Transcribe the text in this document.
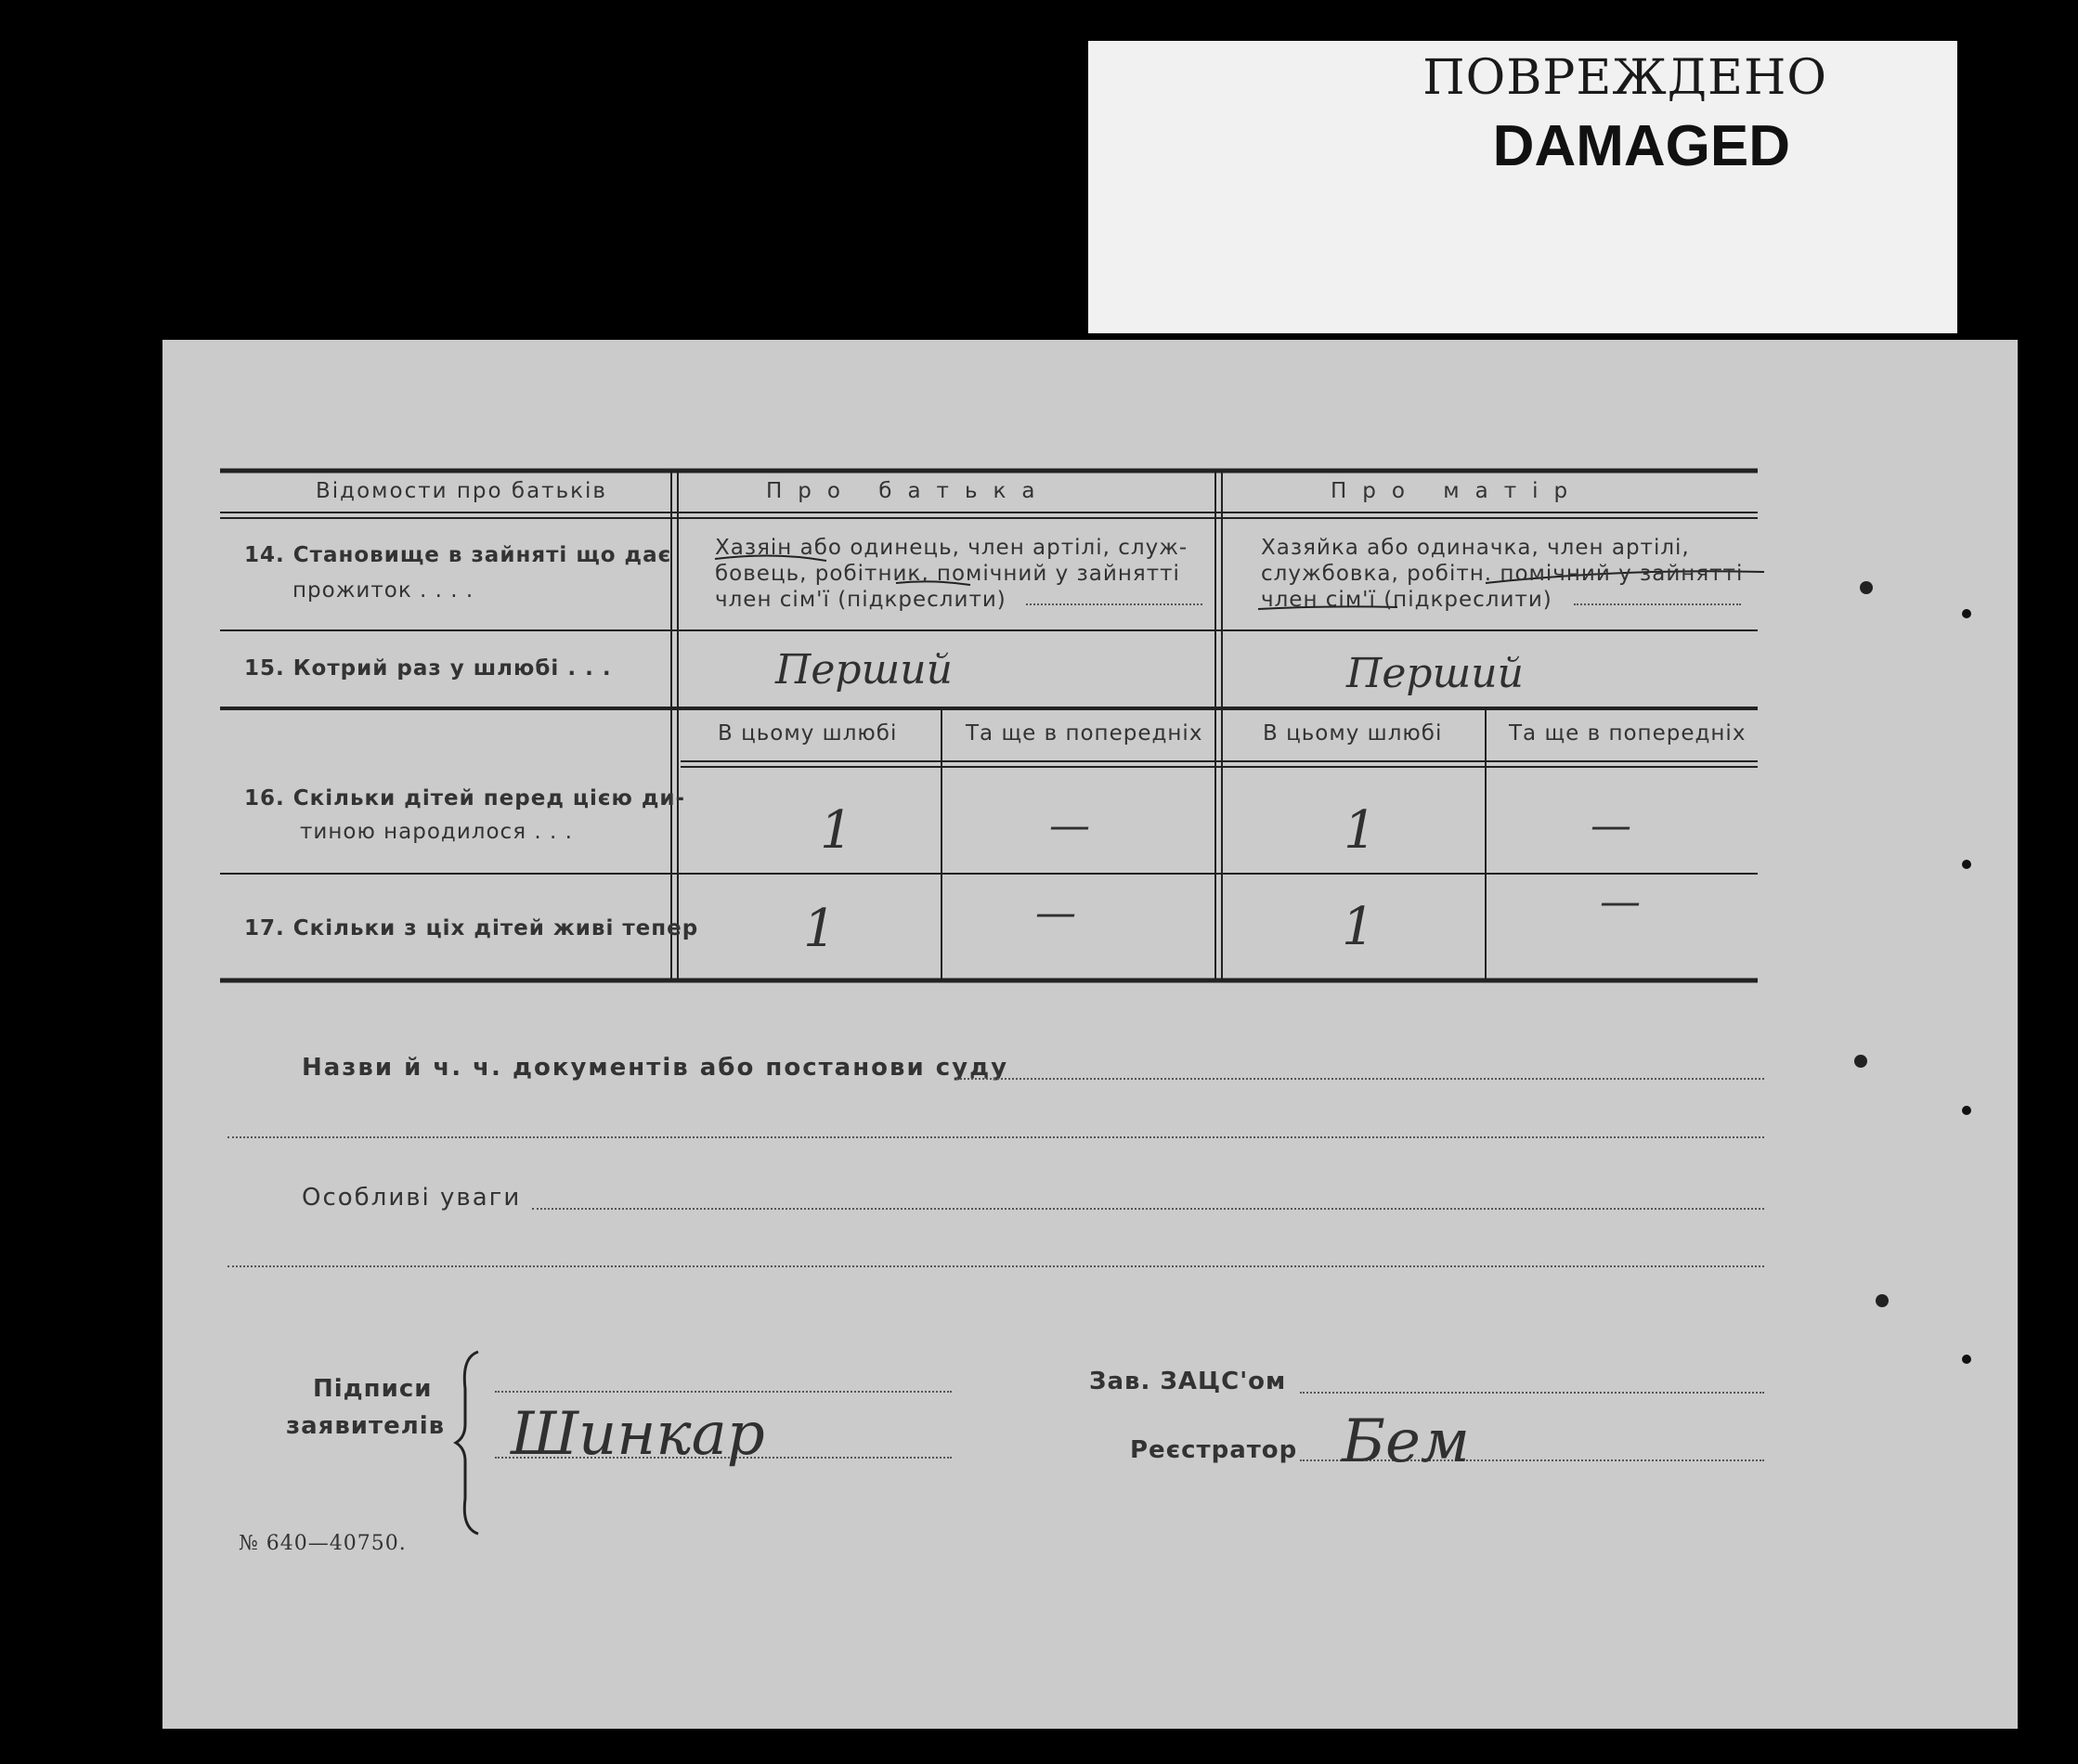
ПОВРЕЖДЕНО
DAMAGED
Відомости про батьків	Про батька	Про матір
14. Становище в зайняті що дає
прожиток . . . .
Хазяін або одинець, член артілі, служ-
бовець, робітник, помічний у зайнятті
член сім'ї (підкреслити)
Хазяйка або одиначка, член артілі,
службовка, робітн. помічний у зайнятті
член сім'ї (підкреслити)
15. Котрий раз у шлюбі . . .	Перший	Перший
В цьому шлюбі	Та ще в попередніх	В цьому шлюбі	Та ще в попередніх
16. Скільки дітей перед цією ди-
тиною народилося . . .	1	—	1	—
17. Скільки з ціх дітей живі тепер 1	—	1	—
Назви й ч. ч. документів або постанови суду
Особливі уваги
Підписи
заявителів Шинкар
Зав. ЗАЦС'ом
Реєстратор Бем
№ 640—40750.
